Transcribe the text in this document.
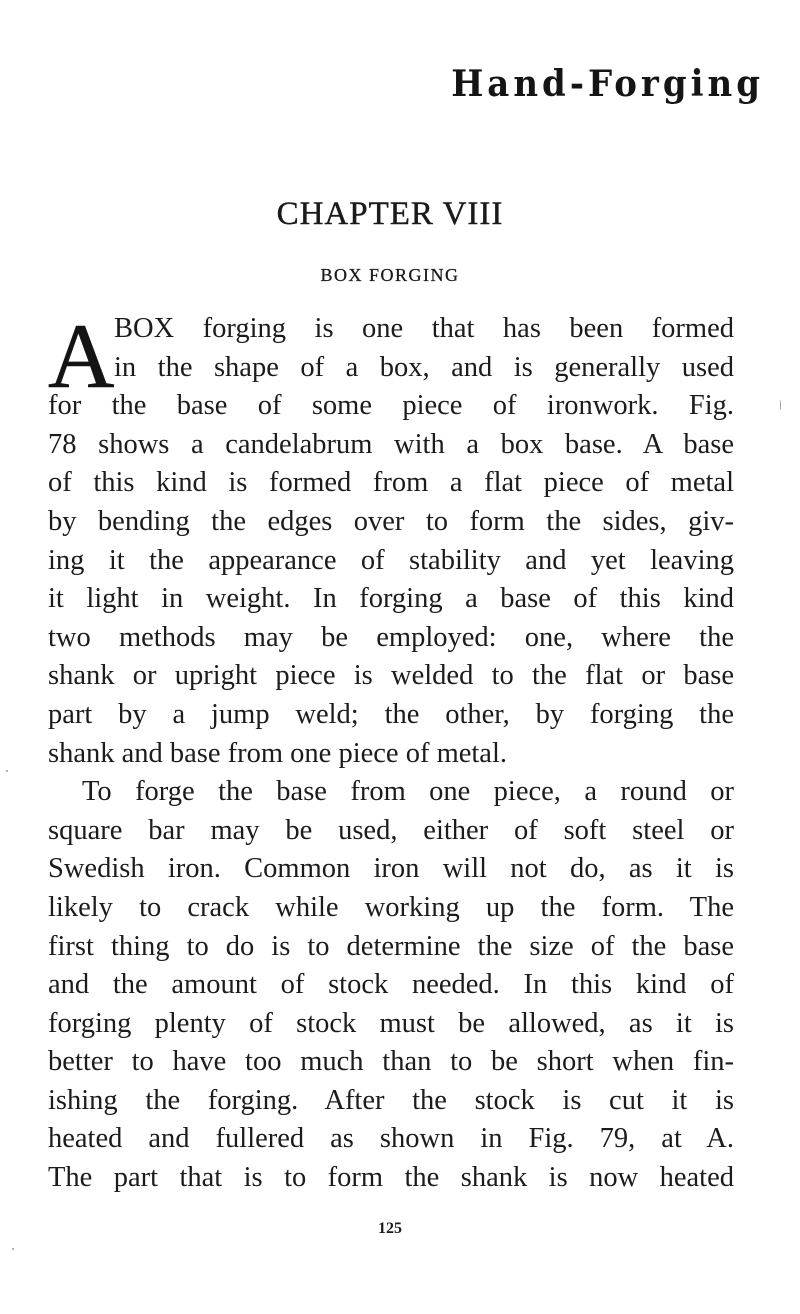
Hand-Forging
CHAPTER VIII
BOX FORGING
A BOX forging is one that has been formed
in the shape of a box, and is generally used
for the base of some piece of ironwork. Fig.
78 shows a candelabrum with a box base. A base
of this kind is formed from a flat piece of metal
by bending the edges over to form the sides, giv-
ing it the appearance of stability and yet leaving
it light in weight. In forging a base of this kind
two methods may be employed: one, where the
shank or upright piece is welded to the flat or base
part by a jump weld; the other, by forging the
shank and base from one piece of metal.
To forge the base from one piece, a round or
square bar may be used, either of soft steel or
Swedish iron. Common iron will not do, as it is
likely to crack while working up the form. The
first thing to do is to determine the size of the base
and the amount of stock needed. In this kind of
forging plenty of stock must be allowed, as it is
better to have too much than to be short when fin-
ishing the forging. After the stock is cut it is
heated and fullered as shown in Fig. 79, at A.
The part that is to form the shank is now heated
125
